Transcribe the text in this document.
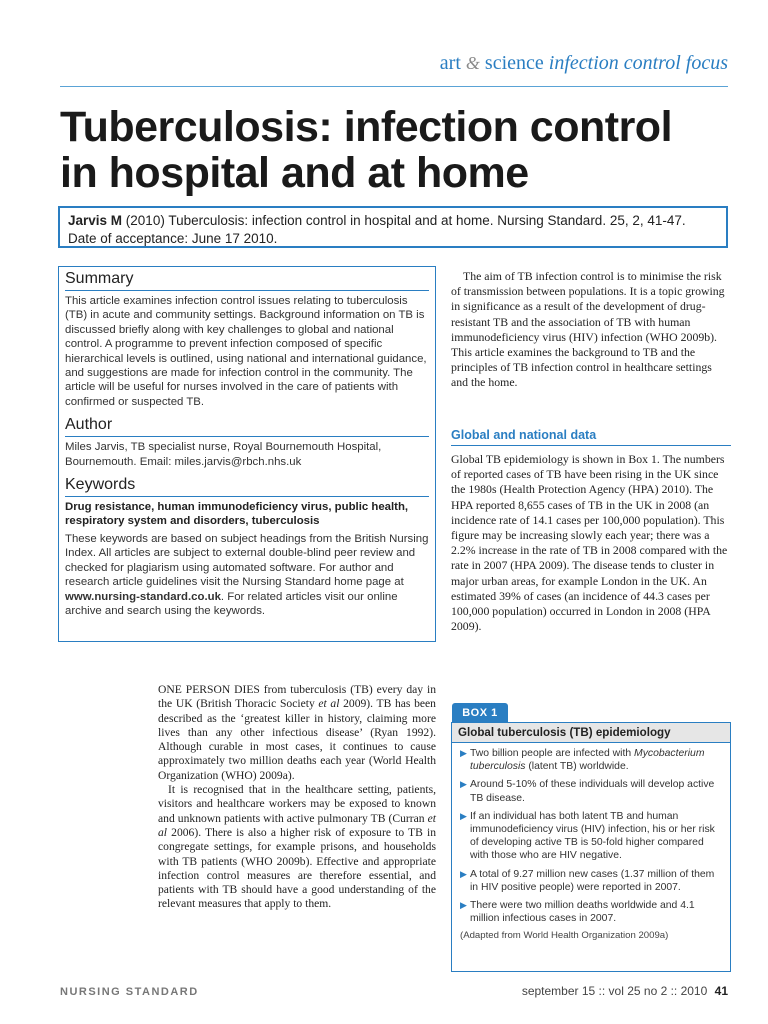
art & science infection control focus
Tuberculosis: infection control
in hospital and at home
Jarvis M (2010) Tuberculosis: infection control in hospital and at home. Nursing Standard. 25, 2, 41-47.
Date of acceptance: June 17 2010.
Summary

This article examines infection control issues relating to tuberculosis (TB) in acute and community settings. Background information on TB is discussed briefly along with key challenges to global and national control. A programme to prevent infection composed of specific hierarchical levels is outlined, using national and international guidance, and suggestions are made for infection control in the community. The article will be useful for nurses involved in the care of patients with confirmed or suspected TB.

Author

Miles Jarvis, TB specialist nurse, Royal Bournemouth Hospital, Bournemouth. Email: miles.jarvis@rbch.nhs.uk

Keywords

Drug resistance, human immunodeficiency virus, public health, respiratory system and disorders, tuberculosis

These keywords are based on subject headings from the British Nursing Index. All articles are subject to external double-blind peer review and checked for plagiarism using automated software. For author and research article guidelines visit the Nursing Standard home page at www.nursing-standard.co.uk. For related articles visit our online archive and search using the keywords.

ONE PERSON DIES from tuberculosis (TB) every day in the UK (British Thoracic Society et al 2009). TB has been described as the ‘greatest killer in history, claiming more lives than any other infectious disease’ (Ryan 1992). Although curable in most cases, it continues to cause approximately two million deaths each year (World Health Organization (WHO) 2009a).

It is recognised that in the healthcare setting, patients, visitors and healthcare workers may be exposed to known and unknown patients with active pulmonary TB (Curran et al 2006). There is also a higher risk of exposure to TB in congregate settings, for example prisons, and households with TB patients (WHO 2009b). Effective and appropriate infection control measures are therefore essential, and patients with TB should have a good understanding of the relevant measures that apply to them.

The aim of TB infection control is to minimise the risk of transmission between populations. It is a topic growing in significance as a result of the development of drug-resistant TB and the association of TB with human immunodeficiency virus (HIV) infection (WHO 2009b). This article examines the background to TB and the principles of TB infection control in healthcare settings and the home.

Global and national data

Global TB epidemiology is shown in Box 1. The numbers of reported cases of TB have been rising in the UK since the 1980s (Health Protection Agency (HPA) 2010). The HPA reported 8,655 cases of TB in the UK in 2008 (an incidence rate of 14.1 cases per 100,000 population). This figure may be increasing slowly each year; there was a 2.2% increase in the rate of TB in 2008 compared with the rate in 2007 (HPA 2009). The disease tends to cluster in major urban areas, for example London in the UK. An estimated 39% of cases (an incidence of 44.3 cases per 100,000 population) occurred in London in 2008 (HPA 2009).

BOX 1
Global tuberculosis (TB) epidemiology
▶ Two billion people are infected with Mycobacterium tuberculosis (latent TB) worldwide.
▶ Around 5-10% of these individuals will develop active TB disease.
▶ If an individual has both latent TB and human immunodeficiency virus (HIV) infection, his or her risk of developing active TB is 50-fold higher compared with those who are HIV negative.
▶ A total of 9.27 million new cases (1.37 million of them in HIV positive people) were reported in 2007.
▶ There were two million deaths worldwide and 4.1 million infectious cases in 2007.
(Adapted from World Health Organization 2009a)
NURSING STANDARD	september 15 :: vol 25 no 2 :: 2010 41
